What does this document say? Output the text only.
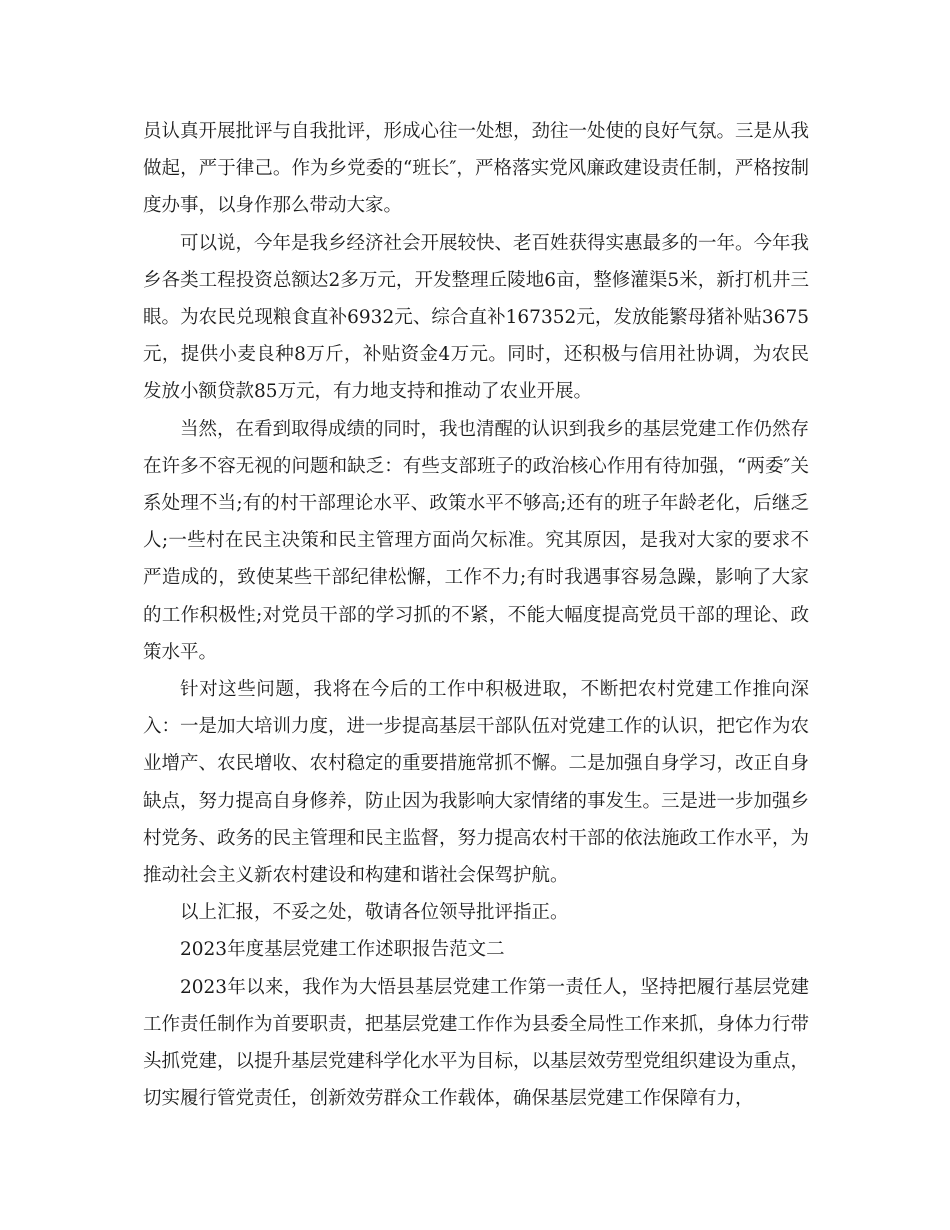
员认真开展批评与自我批评，形成心往一处想，劲往一处使的良好气氛。三是从我做起，严于律己。作为乡党委的“班长″，严格落实党风廉政建设责任制，严格按制度办事，以身作那么带动大家。

可以说，今年是我乡经济社会开展较快、老百姓获得实惠最多的一年。今年我乡各类工程投资总额达2多万元，开发整理丘陵地6亩，整修灌渠5米，新打机井三眼。为农民兑现粮食直补6932元、综合直补167352元，发放能繁母猪补贴3675元，提供小麦良种8万斤，补贴资金4万元。同时，还积极与信用社协调，为农民发放小额贷款85万元，有力地支持和推动了农业开展。

当然，在看到取得成绩的同时，我也清醒的认识到我乡的基层党建工作仍然存在许多不容无视的问题和缺乏：有些支部班子的政治核心作用有待加强，“两委″关系处理不当;有的村干部理论水平、政策水平不够高;还有的班子年龄老化，后继乏人;一些村在民主决策和民主管理方面尚欠标准。究其原因，是我对大家的要求不严造成的，致使某些干部纪律松懈，工作不力;有时我遇事容易急躁，影响了大家的工作积极性;对党员干部的学习抓的不紧，不能大幅度提高党员干部的理论、政策水平。

针对这些问题，我将在今后的工作中积极进取，不断把农村党建工作推向深入：一是加大培训力度，进一步提高基层干部队伍对党建工作的认识，把它作为农业增产、农民增收、农村稳定的重要措施常抓不懈。二是加强自身学习，改正自身缺点，努力提高自身修养，防止因为我影响大家情绪的事发生。三是进一步加强乡村党务、政务的民主管理和民主监督，努力提高农村干部的依法施政工作水平，为推动社会主义新农村建设和构建和谐社会保驾护航。

以上汇报，不妥之处，敬请各位领导批评指正。

2023年度基层党建工作述职报告范文二

2023年以来，我作为大悟县基层党建工作第一责任人，坚持把履行基层党建工作责任制作为首要职责，把基层党建工作作为县委全局性工作来抓，身体力行带头抓党建，以提升基层党建科学化水平为目标，以基层效劳型党组织建设为重点，切实履行管党责任，创新效劳群众工作载体，确保基层党建工作保障有力，
